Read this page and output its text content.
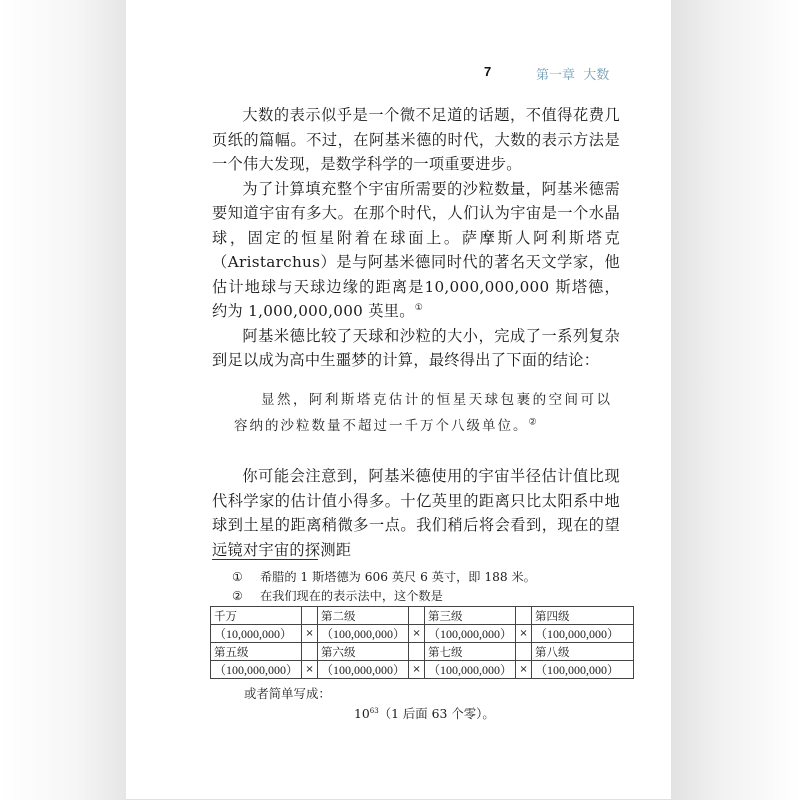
7	第一章  大数

大数的表示似乎是一个微不足道的话题，不值得花费几页纸的篇幅。不过，在阿基米德的时代，大数的表示方法是一个伟大发现，是数学科学的一项重要进步。

为了计算填充整个宇宙所需要的沙粒数量，阿基米德需要知道宇宙有多大。在那个时代，人们认为宇宙是一个水晶球，固定的恒星附着在球面上。萨摩斯人阿利斯塔克（Aristarchus）是与阿基米德同时代的著名天文学家，他估计地球与天球边缘的距离是10,000,000,000 斯塔德，约为 1,000,000,000 英里。①

阿基米德比较了天球和沙粒的大小，完成了一系列复杂到足以成为高中生噩梦的计算，最终得出了下面的结论：

显然，阿利斯塔克估计的恒星天球包裹的空间可以容纳的沙粒数量不超过一千万个八级单位。②

你可能会注意到，阿基米德使用的宇宙半径估计值比现代科学家的估计值小得多。十亿英里的距离只比太阳系中地球到土星的距离稍微多一点。我们稍后将会看到，现在的望远镜对宇宙的探测距

① 希腊的 1 斯塔德为 606 英尺 6 英寸，即 188 米。
② 在我们现在的表示法中，这个数是
千万		第二级		第三级		第四级
（10,000,000）	×	（100,000,000）	×	（100,000,000）	×	（100,000,000）
第五级		第六级		第七级		第八级
（100,000,000）	×	（100,000,000）	×	（100,000,000）	×	（100,000,000）
或者简单写成：
$10^{63}(1$ 后面 63 个零）。
